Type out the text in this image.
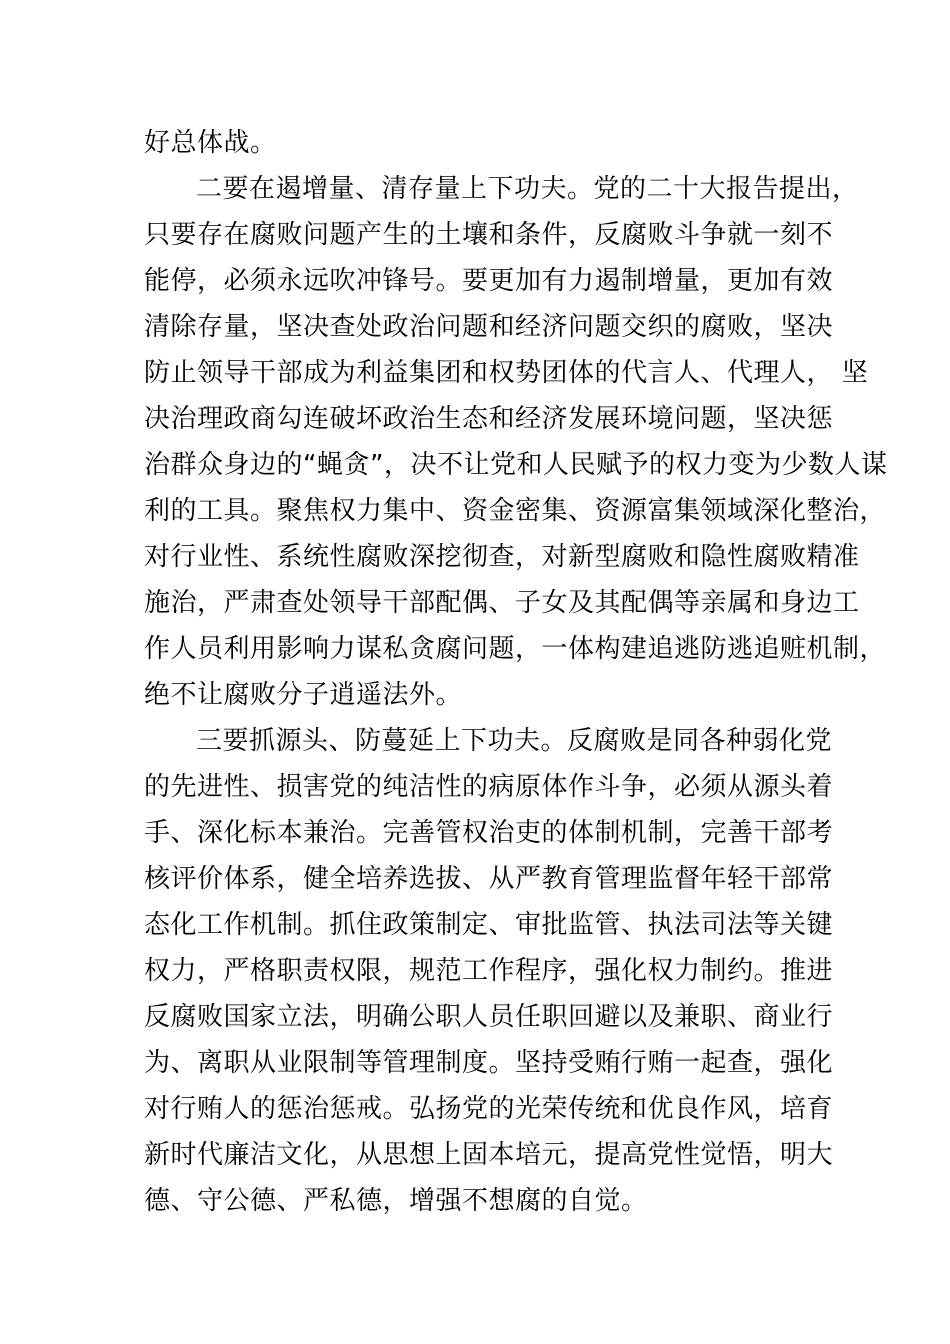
好总体战。
二要在遏增量、清存量上下功夫。党的二十大报告提出，
只要存在腐败问题产生的土壤和条件，反腐败斗争就一刻不
能停，必须永远吹冲锋号。要更加有力遏制增量，更加有效
清除存量，坚决查处政治问题和经济问题交织的腐败，坚决
防止领导干部成为利益集团和权势团体的代言人、代理人， 坚
决治理政商勾连破坏政治生态和经济发展环境问题，坚决惩
治群众身边的“蝇贪”，决不让党和人民赋予的权力变为少数人谋
利的工具。聚焦权力集中、资金密集、资源富集领域深化整治，
对行业性、系统性腐败深挖彻查，对新型腐败和隐性腐败精准
施治，严肃查处领导干部配偶、子女及其配偶等亲属和身边工
作人员利用影响力谋私贪腐问题，一体构建追逃防逃追赃机制，
绝不让腐败分子逍遥法外。
三要抓源头、防蔓延上下功夫。反腐败是同各种弱化党
的先进性、损害党的纯洁性的病原体作斗争，必须从源头着
手、深化标本兼治。完善管权治吏的体制机制，完善干部考
核评价体系，健全培养选拔、从严教育管理监督年轻干部常
态化工作机制。抓住政策制定、审批监管、执法司法等关键
权力，严格职责权限，规范工作程序，强化权力制约。推进
反腐败国家立法，明确公职人员任职回避以及兼职、商业行
为、离职从业限制等管理制度。坚持受贿行贿一起查，强化
对行贿人的惩治惩戒。弘扬党的光荣传统和优良作风，培育
新时代廉洁文化，从思想上固本培元，提高党性觉悟，明大
德、守公德、严私德，增强不想腐的自觉。
